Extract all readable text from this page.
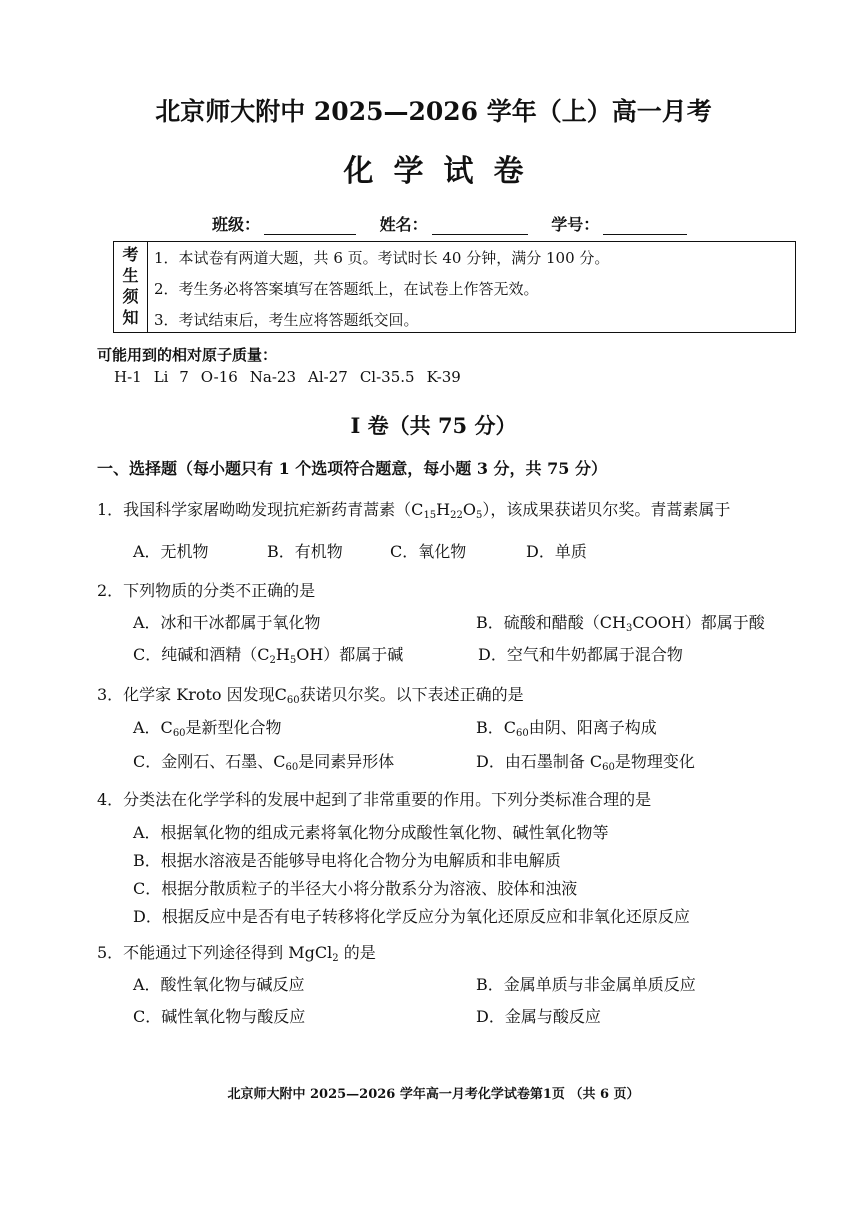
北京师大附中 2025—2026 学年（上）高一月考
化学试卷
班级：	姓名：	学号：
考
生
须
知
1．本试卷有两道大题，共 6 页。考试时长 40 分钟，满分 100 分。
2．考生务必将答案填写在答题纸上，在试卷上作答无效。
3．考试结束后，考生应将答题纸交回。
可能用到的相对原子质量：
H-1 Li 7 O-16 Na-23 Al-27 Cl-35.5 K-39
I 卷（共 75 分）
一、选择题（每小题只有 1 个选项符合题意，每小题 3 分，共 75 分）
1．我国科学家屠呦呦发现抗疟新药青蒿素$(C_{15}H_{22}O_5)$，该成果获诺贝尔奖。青蒿素属于
A．无机物	B．有机物	C．氧化物	D．单质
2．下列物质的分类不正确的是
A．冰和干冰都属于氧化物	B．硫酸和醋酸$(CH_3COOH)$都属于酸
C．纯碱和酒精$(C_2H_5OH)$都属于碱	D．空气和牛奶都属于混合物
3．化学家 Kroto 因发现$C_{60}$获诺贝尔奖。以下表述正确的是
A．$C_{60}$是新型化合物	B．$C_{60}$由阴、阳离子构成
C．金刚石、石墨、$C_{60}$是同素异形体	D．由石墨制备 $C_{60}$是物理变化
4．分类法在化学学科的发展中起到了非常重要的作用。下列分类标准合理的是
A．根据氧化物的组成元素将氧化物分成酸性氧化物、碱性氧化物等
B．根据水溶液是否能够导电将化合物分为电解质和非电解质
C．根据分散质粒子的半径大小将分散系分为溶液、胶体和浊液
D．根据反应中是否有电子转移将化学反应分为氧化还原反应和非氧化还原反应
5．不能通过下列途径得到 MgCl$_2$ 的是
A．酸性氧化物与碱反应	B．金属单质与非金属单质反应
C．碱性氧化物与酸反应	D．金属与酸反应
北京师大附中 2025—2026 学年高一月考化学试卷第1页 （共 6 页）
